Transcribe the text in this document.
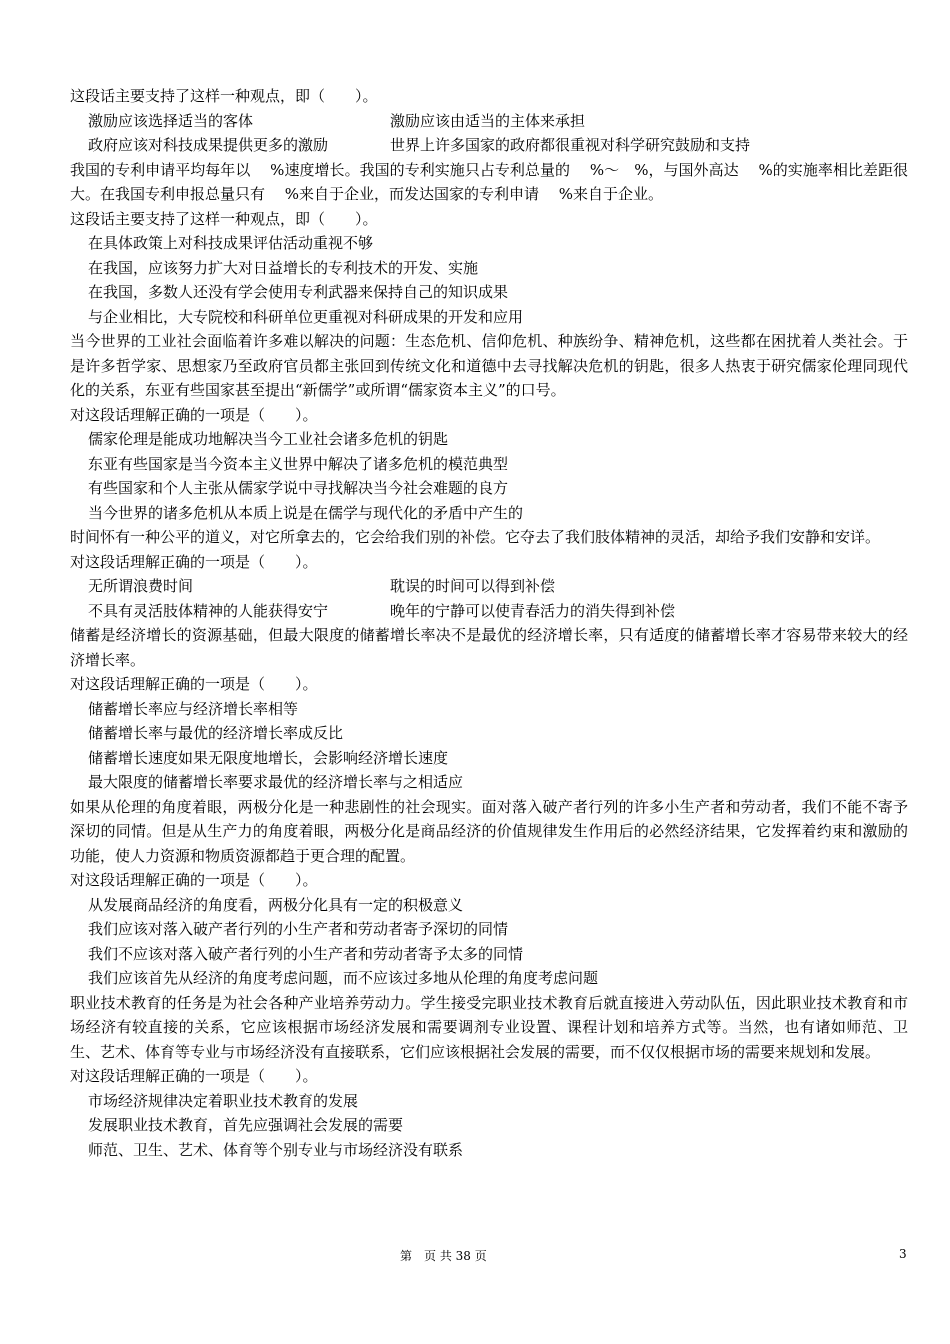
这段话主要支持了这样一种观点，即（　　）。
激励应该选择适当的客体	激励应该由适当的主体来承担
政府应该对科技成果提供更多的激励	世界上许多国家的政府都很重视对科学研究鼓励和支持
我国的专利申请平均每年以　 %速度增长。我国的专利实施只占专利总量的　 %～　%，与国外高达　 %的实施率相比差距很大。在我国专利申报总量只有　 %来自于企业，而发达国家的专利申请　 %来自于企业。
这段话主要支持了这样一种观点，即（　　）。
在具体政策上对科技成果评估活动重视不够
在我国，应该努力扩大对日益增长的专利技术的开发、实施
在我国，多数人还没有学会使用专利武器来保持自己的知识成果
与企业相比，大专院校和科研单位更重视对科研成果的开发和应用
当今世界的工业社会面临着许多难以解决的问题：生态危机、信仰危机、种族纷争、精神危机，这些都在困扰着人类社会。于是许多哲学家、思想家乃至政府官员都主张回到传统文化和道德中去寻找解决危机的钥匙，很多人热衷于研究儒家伦理同现代化的关系，东亚有些国家甚至提出“新儒学”或所谓“儒家资本主义”的口号。
对这段话理解正确的一项是（　　）。
儒家伦理是能成功地解决当今工业社会诸多危机的钥匙
东亚有些国家是当今资本主义世界中解决了诸多危机的模范典型
有些国家和个人主张从儒家学说中寻找解决当今社会难题的良方
当今世界的诸多危机从本质上说是在儒学与现代化的矛盾中产生的
时间怀有一种公平的道义，对它所拿去的，它会给我们别的补偿。它夺去了我们肢体精神的灵活，却给予我们安静和安详。
对这段话理解正确的一项是（　　）。
无所谓浪费时间	耽误的时间可以得到补偿
不具有灵活肢体精神的人能获得安宁	晚年的宁静可以使青春活力的消失得到补偿
储蓄是经济增长的资源基础，但最大限度的储蓄增长率决不是最优的经济增长率，只有适度的储蓄增长率才容易带来较大的经济增长率。
对这段话理解正确的一项是（　　）。
储蓄增长率应与经济增长率相等
储蓄增长率与最优的经济增长率成反比
储蓄增长速度如果无限度地增长，会影响经济增长速度
最大限度的储蓄增长率要求最优的经济增长率与之相适应
如果从伦理的角度着眼，两极分化是一种悲剧性的社会现实。面对落入破产者行列的许多小生产者和劳动者，我们不能不寄予深切的同情。但是从生产力的角度着眼，两极分化是商品经济的价值规律发生作用后的必然经济结果，它发挥着约束和激励的功能，使人力资源和物质资源都趋于更合理的配置。
对这段话理解正确的一项是（　　）。
从发展商品经济的角度看，两极分化具有一定的积极意义
我们应该对落入破产者行列的小生产者和劳动者寄予深切的同情
我们不应该对落入破产者行列的小生产者和劳动者寄予太多的同情
我们应该首先从经济的角度考虑问题，而不应该过多地从伦理的角度考虑问题
职业技术教育的任务是为社会各种产业培养劳动力。学生接受完职业技术教育后就直接进入劳动队伍，因此职业技术教育和市场经济有较直接的关系，它应该根据市场经济发展和需要调剂专业设置、课程计划和培养方式等。当然，也有诸如师范、卫生、艺术、体育等专业与市场经济没有直接联系，它们应该根据社会发展的需要，而不仅仅根据市场的需要来规划和发展。
对这段话理解正确的一项是（　　）。
市场经济规律决定着职业技术教育的发展
发展职业技术教育，首先应强调社会发展的需要
师范、卫生、艺术、体育等个别专业与市场经济没有联系
第　页 共 38 页	3
